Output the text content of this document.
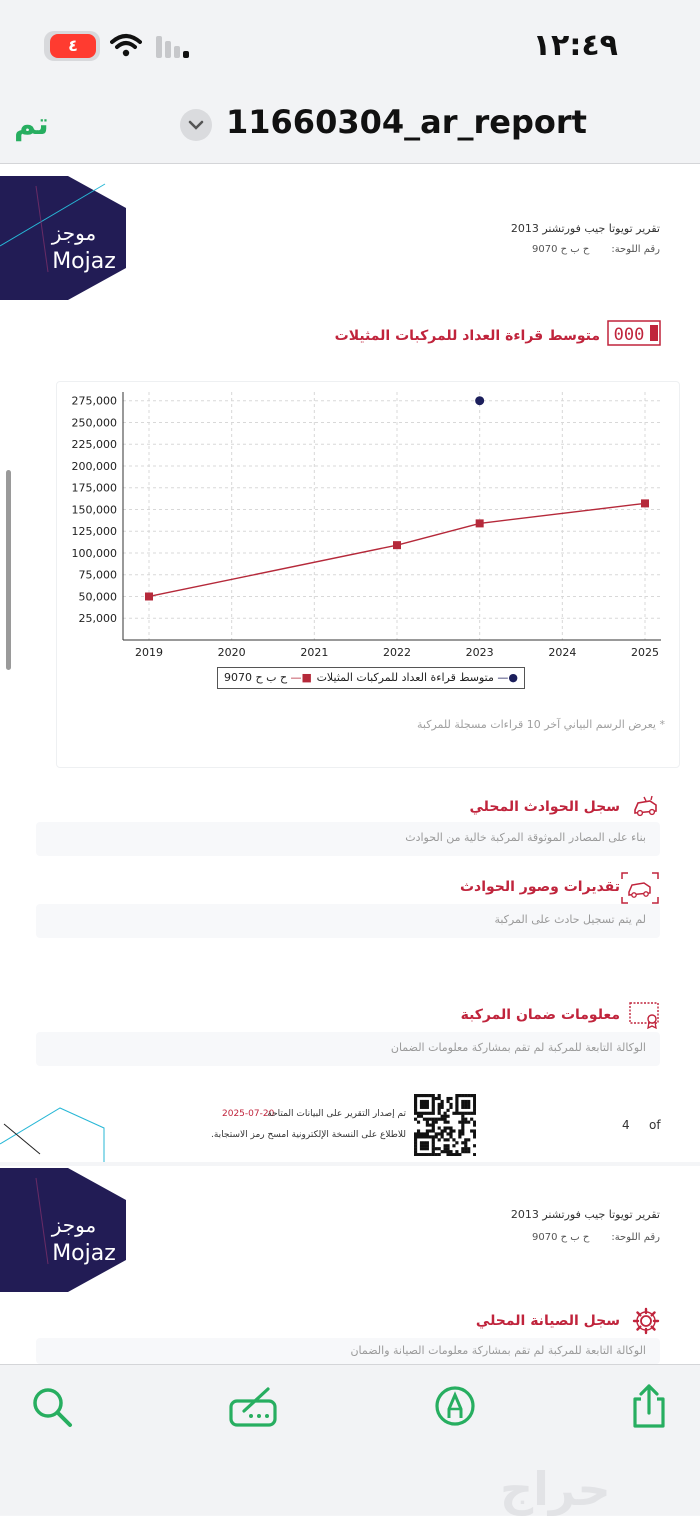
٤	١٢:٤٩
تم	11660304_ar_report
موجز
Mojaz
تقرير تويوتا جيب فورتشنر 2013
رقم اللوحة:ح ب ح 9070
متوسط قراءة العداد للمركبات المثيلات 000
25,000
50,000
75,000
100,000
125,000
150,000
175,000
200,000
225,000
250,000
275,000
2019	2020	2021	2022	2023	2024	2025
●— متوسط قراءة العداد للمركبات المثيلات
■— ح ب ح 9070
* يعرض الرسم البياني آخر 10 قراءات مسجلة للمركبة
سجل الحوادث المحلي
بناء على المصادر الموثوقة المركبة خالية من الحوادث
تقديرات وصور الحوادث
لم يتم تسجيل حادث على المركبة
معلومات ضمان المركبة
الوكالة التابعة للمركبة لم تقم بمشاركة معلومات الضمان
2025-07-20
تم إصدار التقرير على البيانات المتاحة
للاطلاع على النسخة الإلكترونية امسح رمز الاستجابة.
4 of
موجز
Mojaz
تقرير تويوتا جيب فورتشنر 2013
رقم اللوحة:ح ب ح 9070
سجل الصيانة المحلي
الوكالة التابعة للمركبة لم تقم بمشاركة معلومات الصيانة والضمان
حراج
